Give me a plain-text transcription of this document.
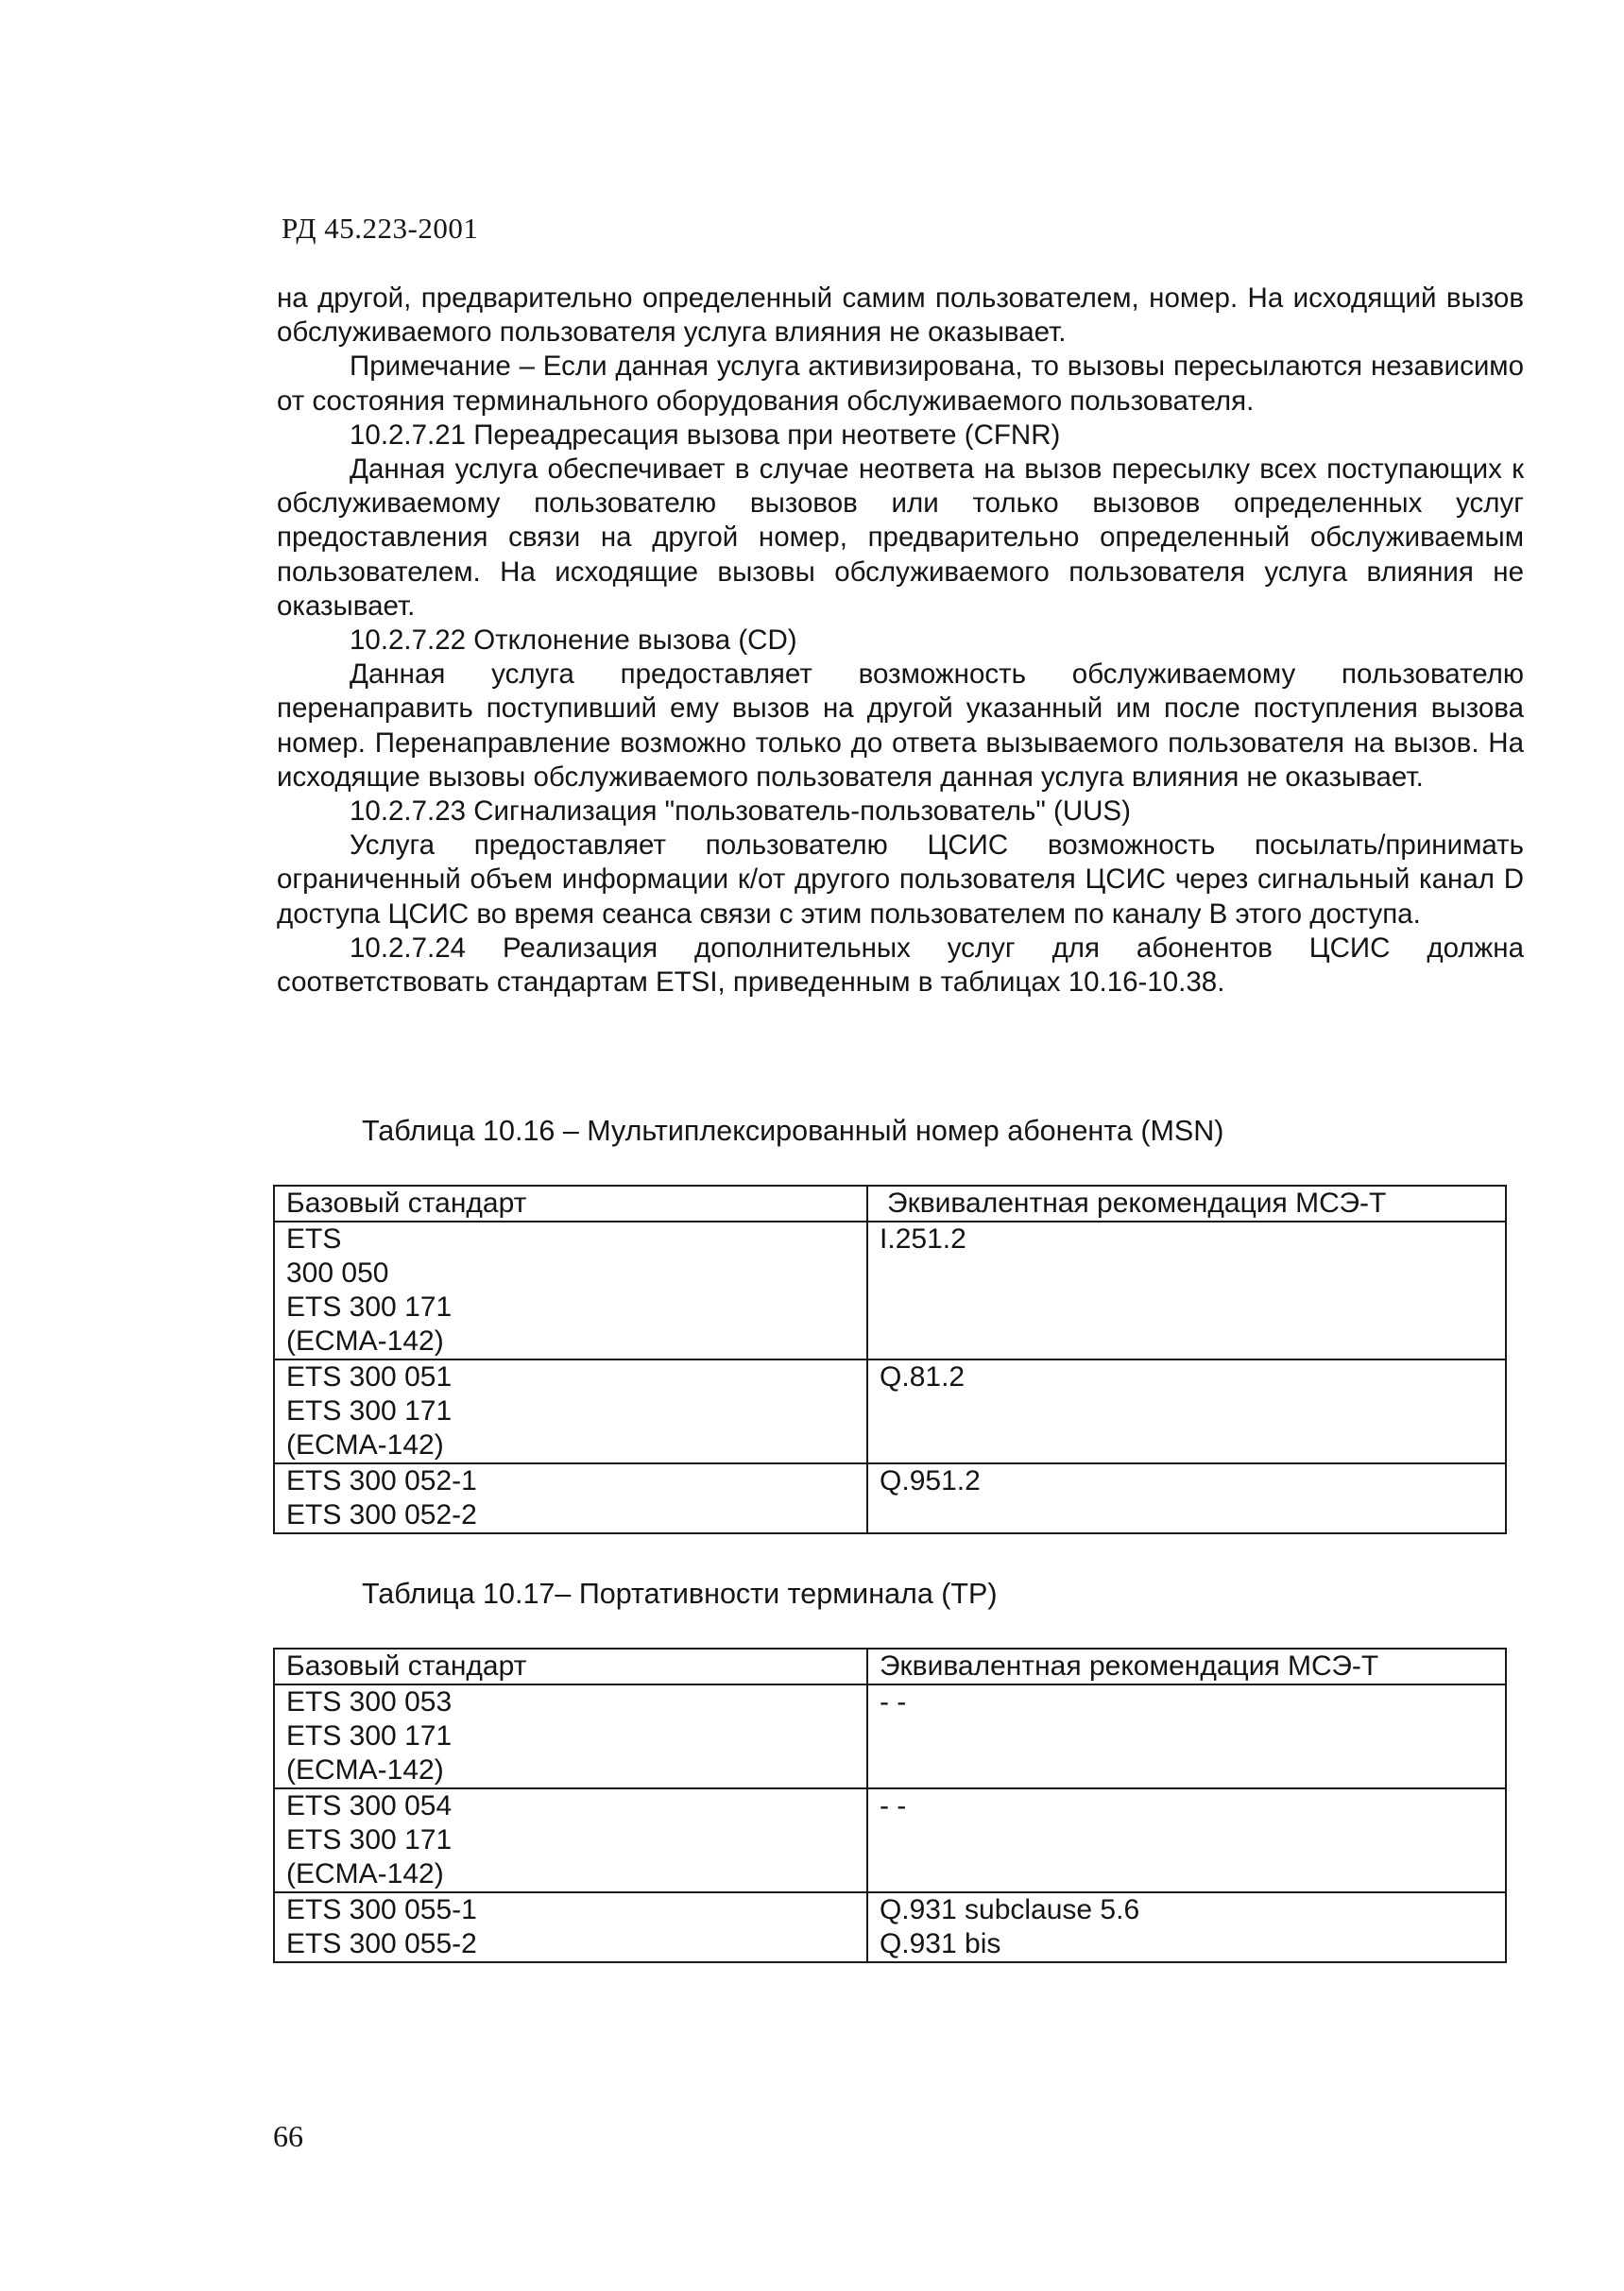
РД 45.223-2001

на другой, предварительно определенный самим пользователем, номер. На исходящий вызов обслуживаемого пользователя услуга влияния не оказывает.

Примечание – Если данная услуга активизирована, то вызовы пересылаются независимо от состояния терминального оборудования обслуживаемого пользователя.

10.2.7.21 Переадресация вызова при неответе (CFNR)

Данная услуга обеспечивает в случае неответа на вызов пересылку всех поступающих к обслуживаемому пользователю вызовов или только вызовов определенных услуг предоставления связи на другой номер, предварительно определенный обслуживаемым пользователем. На исходящие вызовы обслуживаемого пользователя услуга влияния не оказывает.

10.2.7.22 Отклонение вызова (CD)

Данная услуга предоставляет возможность обслуживаемому пользователю перенаправить поступивший ему вызов на другой указанный им после поступления вызова номер. Перенаправление возможно только до ответа вызываемого пользователя на вызов. На исходящие вызовы обслуживаемого пользователя данная услуга влияния не оказывает.

10.2.7.23 Сигнализация "пользователь-пользователь" (UUS)

Услуга предоставляет пользователю ЦСИС возможность посылать/принимать ограниченный объем информации к/от другого пользователя ЦСИС через сигнальный канал D доступа ЦСИС во время сеанса связи с этим пользователем по каналу В этого доступа.

10.2.7.24 Реализация дополнительных услуг для абонентов ЦСИС должна соответствовать стандартам ETSI, приведенным в таблицах 10.16-10.38.

Таблица 10.16 – Мультиплексированный номер абонента (MSN)
Базовый стандарт	Эквивалентная рекомендация МСЭ-Т

ETS
300 050
ETS 300 171
(ECMA-142)	I.251.2

ETS 300 051
ETS 300 171
(ECMA-142)	Q.81.2

ETS 300 052-1
ETS 300 052-2	Q.951.2
Таблица 10.17– Портативности терминала (TP)
Базовый стандарт	Эквивалентная рекомендация МСЭ-Т

ETS 300 053
ETS 300 171
(ECMA-142)	- -

ETS 300 054
ETS 300 171
(ECMA-142)	- -

ETS 300 055-1
ETS 300 055-2	Q.931 subclause 5.6
Q.931 bis
66
